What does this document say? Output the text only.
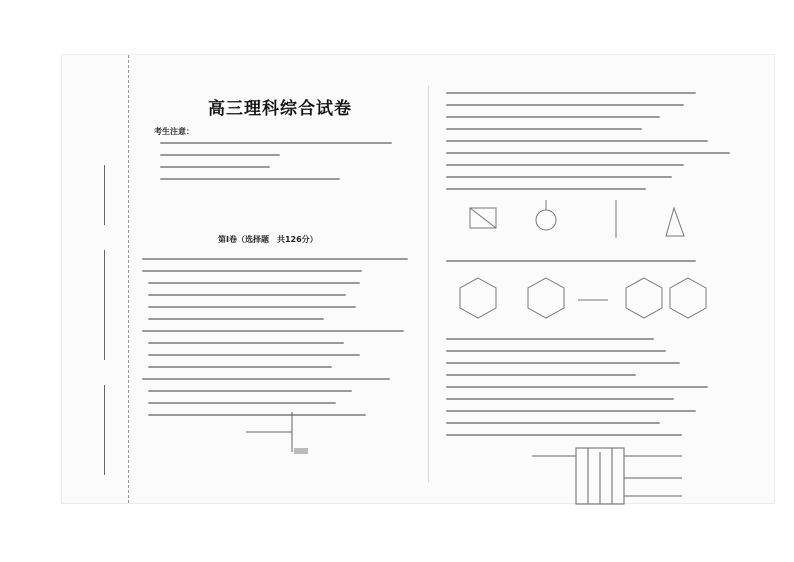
高三理科综合试卷
考生注意：
第Ⅰ卷（选择题　共126分）
